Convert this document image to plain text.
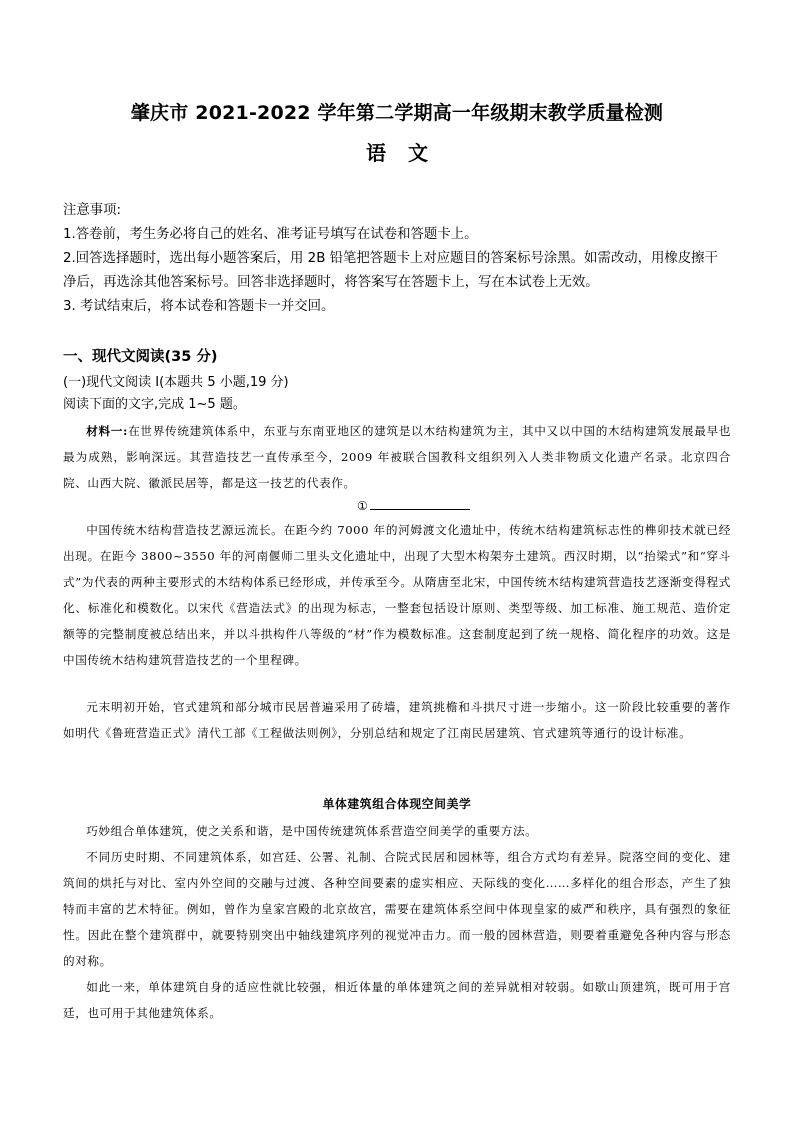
肇庆市 2021-2022 学年第二学期高一年级期末教学质量检测
语文

注意事项:

1.答卷前，考生务必将自己的姓名、准考证号填写在试卷和答题卡上。

2.回答选择题时，选出每小题答案后，用 2B 铅笔把答题卡上对应题目的答案标号涂黑。如需改动，用橡皮擦干净后，再选涂其他答案标号。回答非选择题时，将答案写在答题卡上，写在本试卷上无效。

3. 考试结束后，将本试卷和答题卡一并交回。

一、现代文阅读(35 分)

(一)现代文阅读 I(本题共 5 小题,19 分)

阅读下面的文字,完成 1~5 题。

材料一:在世界传统建筑体系中，东亚与东南亚地区的建筑是以木结构建筑为主，其中又以中国的木结构建筑发展最早也最为成熟，影响深远。其营造技艺一直传承至今，2009 年被联合国教科文组织列入人类非物质文化遗产名录。北京四合院、山西大院、徽派民居等，都是这一技艺的代表作。

①

中国传统木结构营造技艺源远流长。在距今约 7000 年的河姆渡文化遗址中，传统木结构建筑标志性的榫卯技术就已经出现。在距今 3800~3550 年的河南偃师二里头文化遗址中，出现了大型木构架夯土建筑。西汉时期，以“抬梁式”和“穿斗式”为代表的两种主要形式的木结构体系已经形成，并传承至今。从隋唐至北宋，中国传统木结构建筑营造技艺逐渐变得程式化、标准化和模数化。以宋代《营造法式》的出现为标志，一整套包括设计原则、类型等级、加工标准、施工规范、造价定额等的完整制度被总结出来，并以斗拱构件八等级的“材”作为模数标准。这套制度起到了统一规格、简化程序的功效。这是中国传统木结构建筑营造技艺的一个里程碑。

元末明初开始，官式建筑和部分城市民居普遍采用了砖墙，建筑挑檐和斗拱尺寸进一步缩小。这一阶段比较重要的著作如明代《鲁班营造正式》清代工部《工程做法则例》，分别总结和规定了江南民居建筑、官式建筑等通行的设计标准。

单体建筑组合体现空间美学

巧妙组合单体建筑，使之关系和谐，是中国传统建筑体系营造空间美学的重要方法。

不同历史时期、不同建筑体系，如宫廷、公署、礼制、合院式民居和园林等，组合方式均有差异。院落空间的变化、建筑间的烘托与对比、室内外空间的交融与过渡、各种空间要素的虚实相应、天际线的变化……多样化的组合形态，产生了独特而丰富的艺术特征。例如，曾作为皇家宫殿的北京故宫，需要在建筑体系空间中体现皇家的威严和秩序，具有强烈的象征性。因此在整个建筑群中，就要特别突出中轴线建筑序列的视觉冲击力。而一般的园林营造，则要着重避免各种内容与形态的对称。

如此一来，单体建筑自身的适应性就比较强，相近体量的单体建筑之间的差异就相对较弱。如歇山顶建筑，既可用于宫廷，也可用于其他建筑体系。
